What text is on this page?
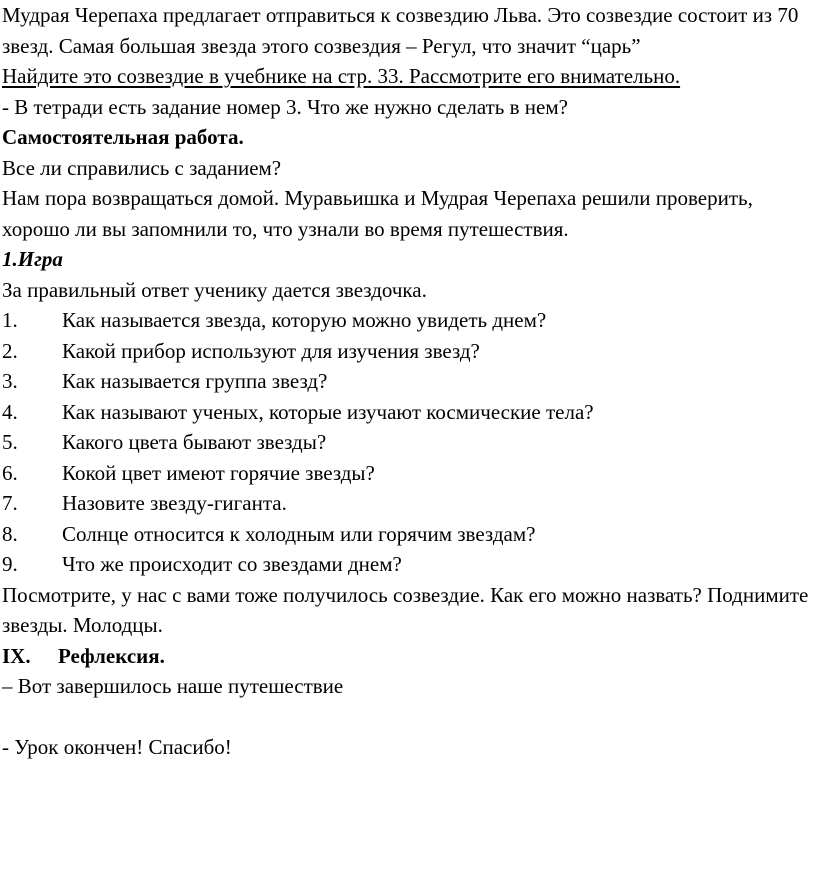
Мудрая Черепаха предлагает отправиться к созвездию Льва. Это созвездие состоит из 70 звезд. Самая большая звезда этого созвездия – Регул, что значит “царь”

Найдите это созвездие в учебнике на стр. 33. Рассмотрите его внимательно.

- В тетради есть задание номер 3. Что же нужно сделать в нем?

Самостоятельная работа.

Все ли справились с заданием?

Нам пора возвращаться домой. Муравьишка и Мудрая Черепаха решили проверить, хорошо ли вы запомнили то, что узнали во время путешествия.

1.Игра

За правильный ответ ученику дается звездочка.

1.	Как называется звезда, которую можно увидеть днем?
2.	Какой прибор используют для изучения звезд?
3.	Как называется группа звезд?
4.	Как называют ученых, которые изучают космические тела?
5.	Какого цвета бывают звезды?
6.	Кокой цвет имеют горячие звезды?
7.	Назовите звезду-гиганта.
8.	Солнце относится к холодным или горячим звездам?
9.	Что же происходит со звездами днем?

Посмотрите, у нас с вами тоже получилось созвездие. Как его можно назвать? Поднимите звезды. Молодцы.

IX.	Рефлексия.

– Вот завершилось наше путешествие

- Урок окончен! Спасибо!
